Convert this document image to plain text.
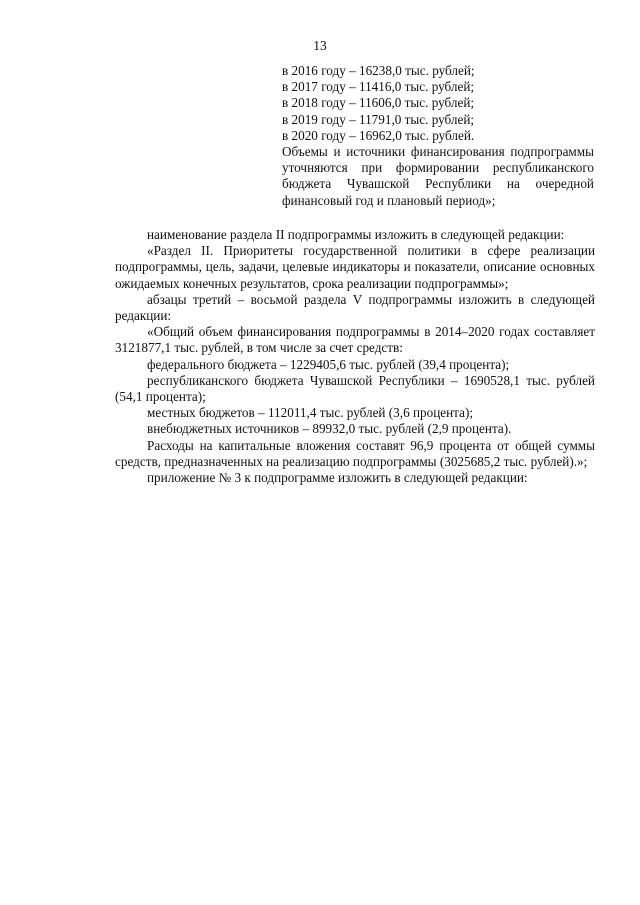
13
в 2016 году – 16238,0 тыс. рублей;
в 2017 году – 11416,0 тыс. рублей;
в 2018 году – 11606,0 тыс. рублей;
в 2019 году – 11791,0 тыс. рублей;
в 2020 году – 16962,0 тыс. рублей.

Объемы и источники финансирования подпрограммы уточняются при формировании республиканского бюджета Чувашской Республики на очередной финансовый год и плановый период»;

наименование раздела II подпрограммы изложить в следующей редакции:

«Раздел II. Приоритеты государственной политики в сфере реализации подпрограммы, цель, задачи, целевые индикаторы и показатели, описание основных ожидаемых конечных результатов, срока реализации подпрограммы»;

абзацы третий – восьмой раздела V подпрограммы изложить в следующей редакции:

«Общий объем финансирования подпрограммы в 2014–2020 годах составляет 3121877,1 тыс. рублей, в том числе за счет средств:

федерального бюджета – 1229405,6 тыс. рублей (39,4 процента);

республиканского бюджета Чувашской Республики – 1690528,1 тыс. рублей (54,1 процента);

местных бюджетов – 112011,4 тыс. рублей (3,6 процента);

внебюджетных источников – 89932,0 тыс. рублей (2,9 процента).

Расходы на капитальные вложения составят 96,9 процента от общей суммы средств, предназначенных на реализацию подпрограммы (3025685,2 тыс. рублей).»;

приложение № 3 к подпрограмме изложить в следующей редакции:
